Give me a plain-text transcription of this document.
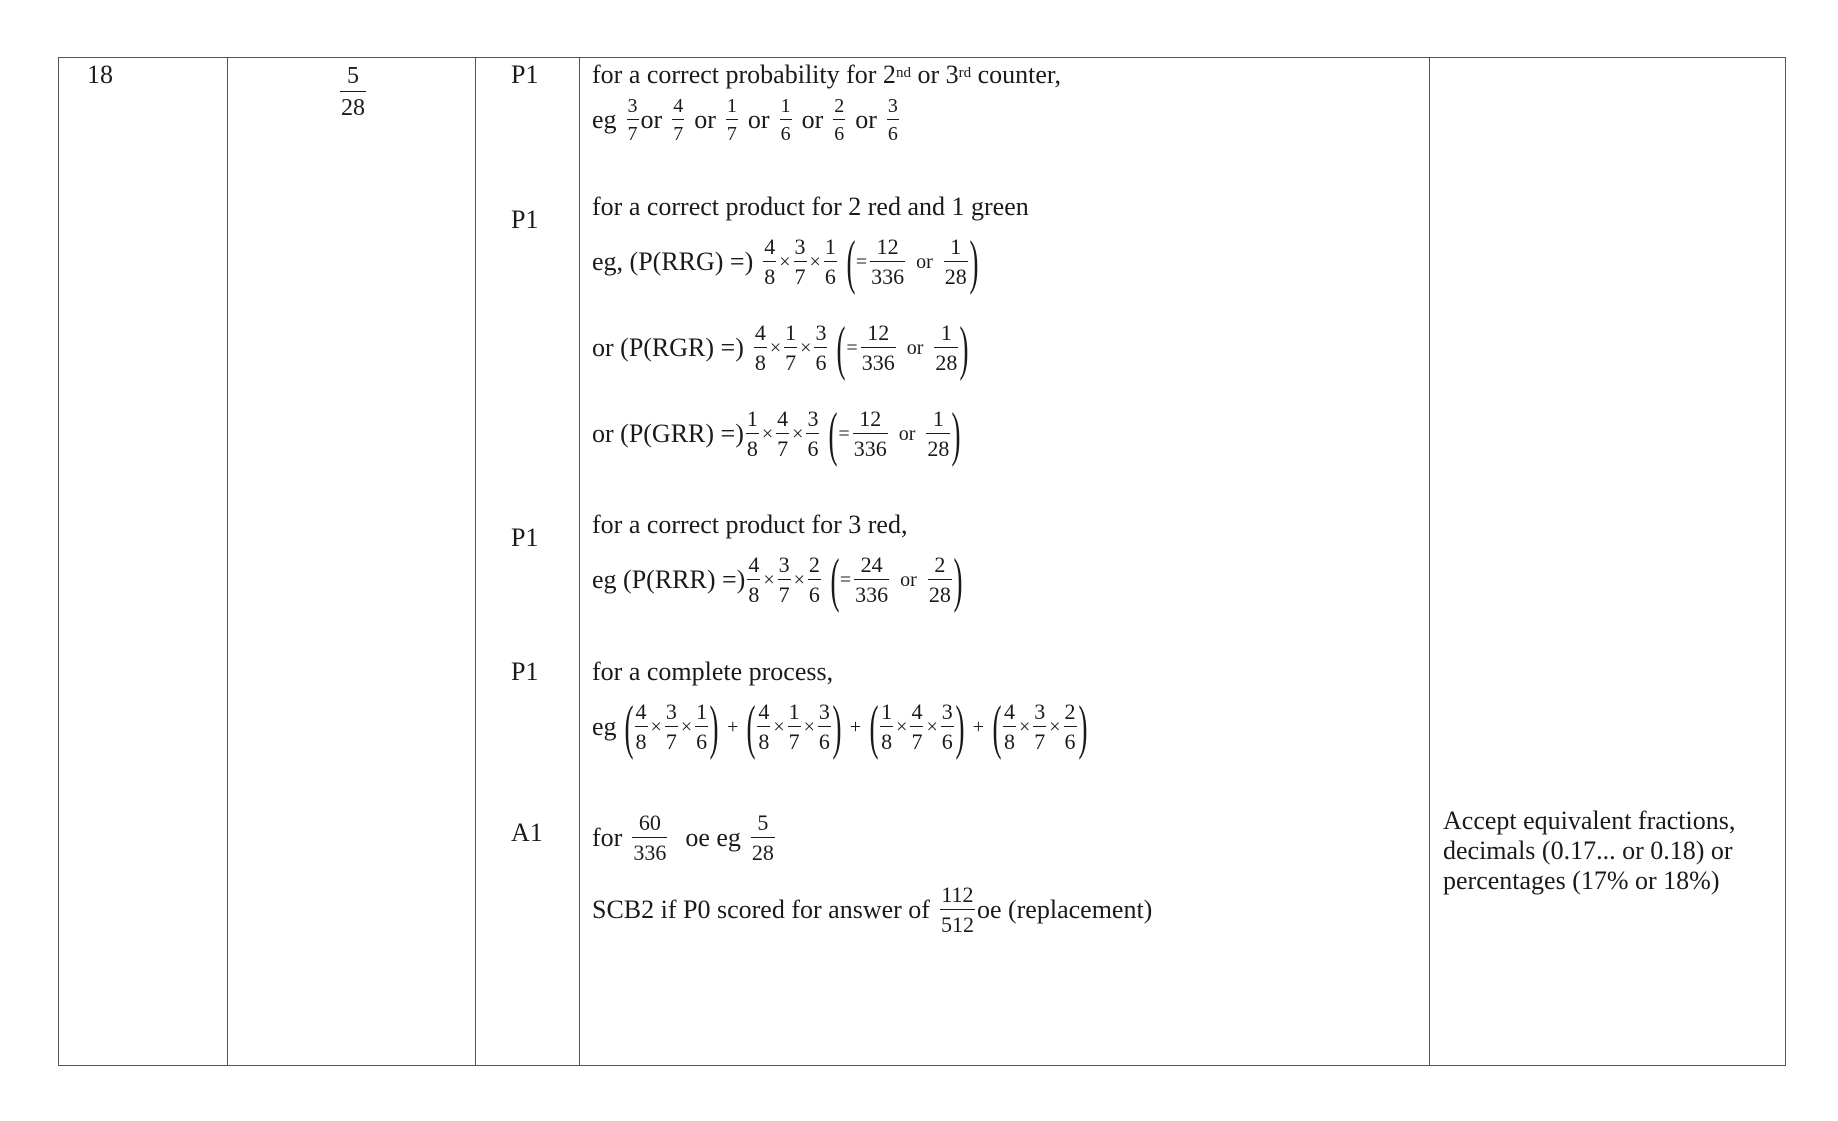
18	$\frac{5}{28}$	P1
P1
P1
P1
A1
for a correct probability for 2nd or 3rd counter,
eg $\frac{3}{7}$ or $\frac{4}{7}$ or $\frac{1}{7}$ or $\frac{1}{6}$ or $\frac{2}{6}$ or $\frac{3}{6}$
for a correct product for 2 red and 1 green
eg, (P(RRG) =) $\frac{4}{8} \times \frac{3}{7} \times \frac{1}{6}$ ( = $\frac{12}{336}$ or $\frac{1}{28}$ )
or (P(RGR) =) $\frac{4}{8} \times \frac{1}{7} \times \frac{3}{6}$ ( = $\frac{12}{336}$ or $\frac{1}{28}$ )
or (P(GRR) =) $\frac{1}{8} \times \frac{4}{7} \times \frac{3}{6}$ ( = $\frac{12}{336}$ or $\frac{1}{28}$ )
for a correct product for 3 red,
eg (P(RRR) =) $\frac{4}{8} \times \frac{3}{7} \times \frac{2}{6}$ ( = $\frac{24}{336}$ or $\frac{2}{28}$ )
for a complete process,
eg ( $\frac{4}{8} \times \frac{3}{7} \times \frac{1}{6}$ ) + ( $\frac{4}{8} \times \frac{1}{7} \times \frac{3}{6}$ ) + ( $\frac{1}{8} \times \frac{4}{7} \times \frac{3}{6}$ ) + ( $\frac{4}{8} \times \frac{3}{7} \times \frac{2}{6}$ )
for $\frac{60}{336}$ oe eg $\frac{5}{28}$
SCB2 if P0 scored for answer of $\frac{112}{512}$ oe (replacement)
Accept equivalent fractions,
decimals (0.17... or 0.18) or
percentages (17% or 18%)
